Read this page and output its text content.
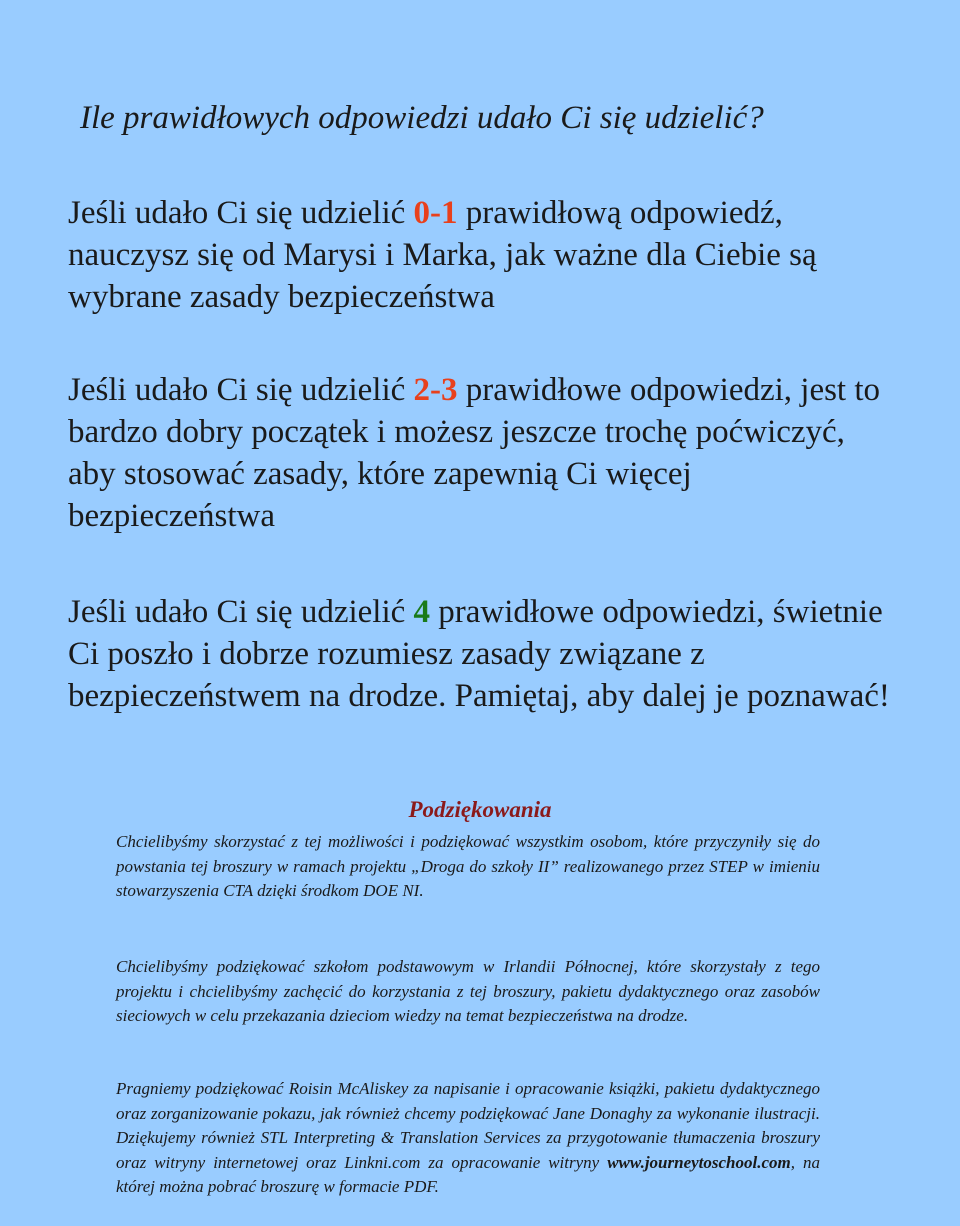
Ile prawidłowych odpowiedzi udało Ci się udzielić?
Jeśli udało Ci się udzielić 0-1 prawidłową odpowiedź, nauczysz się od Marysi i Marka, jak ważne dla Ciebie są wybrane zasady bezpieczeństwa
Jeśli udało Ci się udzielić 2-3 prawidłowe odpowiedzi, jest to bardzo dobry początek i możesz jeszcze trochę poćwiczyć, aby stosować zasady, które zapewnią Ci więcej bezpieczeństwa
Jeśli udało Ci się udzielić 4 prawidłowe odpowiedzi, świetnie Ci poszło i dobrze rozumiesz zasady związane z bezpieczeństwem na drodze. Pamiętaj, aby dalej je poznawać!
Podziękowania
Chcielibyśmy skorzystać z tej możliwości i podziękować wszystkim osobom, które przyczyniły się do powstania tej broszury w ramach projektu „Droga do szkoły II” realizowanego przez STEP w imieniu stowarzyszenia CTA dzięki środkom DOE NI.
Chcielibyśmy podziękować szkołom podstawowym w Irlandii Północnej, które skorzystały z tego projektu i chcielibyśmy zachęcić do korzystania z tej broszury, pakietu dydaktycznego oraz zasobów sieciowych w celu przekazania dzieciom wiedzy na temat bezpieczeństwa na drodze.
Pragniemy podziękować Roisin McAliskey za napisanie i opracowanie książki, pakietu dydaktycznego oraz zorganizowanie pokazu, jak również chcemy podziękować Jane Donaghy za wykonanie ilustracji. Dziękujemy również STL Interpreting & Translation Services za przygotowanie tłumaczenia broszury oraz witryny internetowej oraz Linkni.com za opracowanie witryny www.journeytoschool.com, na której można pobrać broszurę w formacie PDF.
